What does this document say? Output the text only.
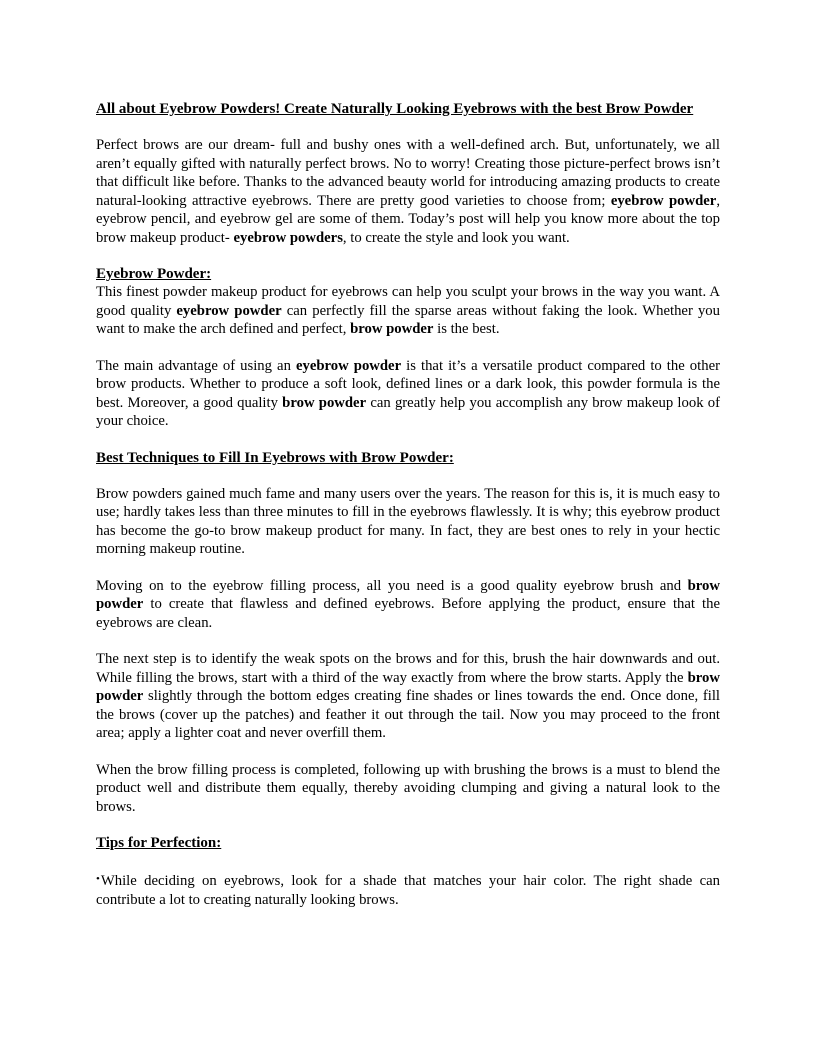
All about Eyebrow Powders! Create Naturally Looking Eyebrows with the best Brow Powder

Perfect brows are our dream- full and bushy ones with a well-defined arch. But, unfortunately, we all aren’t equally gifted with naturally perfect brows. No to worry! Creating those picture-perfect brows isn’t that difficult like before. Thanks to the advanced beauty world for introducing amazing products to create natural-looking attractive eyebrows. There are pretty good varieties to choose from; eyebrow powder, eyebrow pencil, and eyebrow gel are some of them. Today’s post will help you know more about the top brow makeup product- eyebrow powders, to create the style and look you want.

Eyebrow Powder:

This finest powder makeup product for eyebrows can help you sculpt your brows in the way you want. A good quality eyebrow powder can perfectly fill the sparse areas without faking the look. Whether you want to make the arch defined and perfect, brow powder is the best.

The main advantage of using an eyebrow powder is that it’s a versatile product compared to the other brow products. Whether to produce a soft look, defined lines or a dark look, this powder formula is the best. Moreover, a good quality brow powder can greatly help you accomplish any brow makeup look of your choice.

Best Techniques to Fill In Eyebrows with Brow Powder:

Brow powders gained much fame and many users over the years. The reason for this is, it is much easy to use; hardly takes less than three minutes to fill in the eyebrows flawlessly. It is why; this eyebrow product has become the go-to brow makeup product for many. In fact, they are best ones to rely in your hectic morning makeup routine.

Moving on to the eyebrow filling process, all you need is a good quality eyebrow brush and brow powder to create that flawless and defined eyebrows. Before applying the product, ensure that the eyebrows are clean.

The next step is to identify the weak spots on the brows and for this, brush the hair downwards and out. While filling the brows, start with a third of the way exactly from where the brow starts. Apply the brow powder slightly through the bottom edges creating fine shades or lines towards the end. Once done, fill the brows (cover up the patches) and feather it out through the tail. Now you may proceed to the front area; apply a lighter coat and never overfill them.

When the brow filling process is completed, following up with brushing the brows is a must to blend the product well and distribute them equally, thereby avoiding clumping and giving a natural look to the brows.

Tips for Perfection:

•While deciding on eyebrows, look for a shade that matches your hair color. The right shade can contribute a lot to creating naturally looking brows.
